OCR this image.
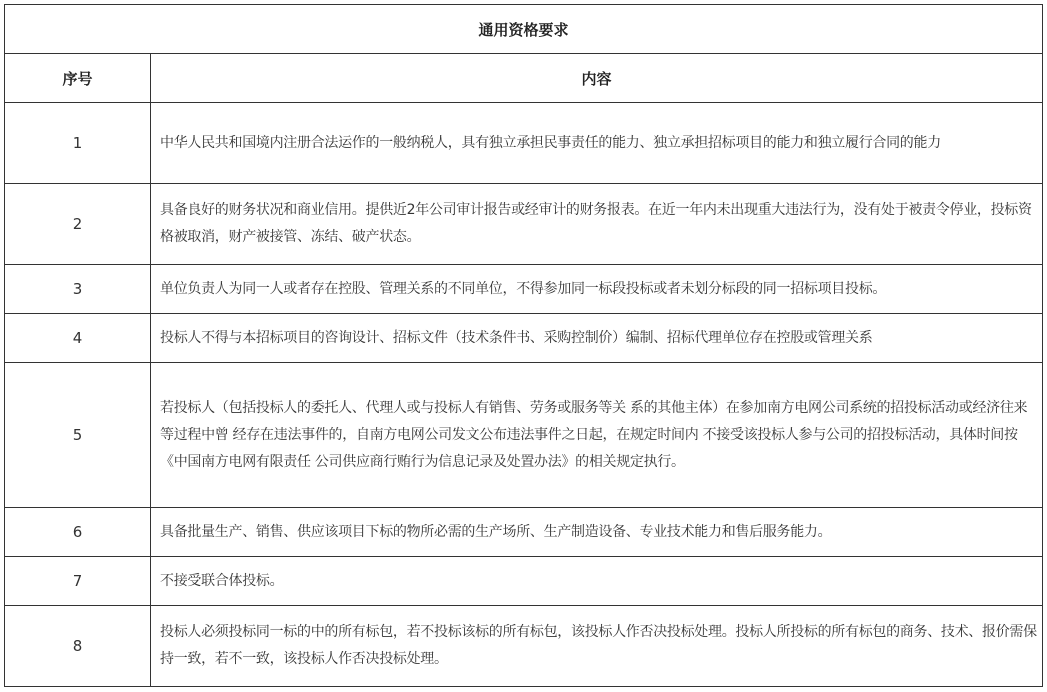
通用资格要求	
序号	内容
1	中华人民共和国境内注册合法运作的一般纳税人，具有独立承担民事责任的能力、独立承担招标项目的能力和独立履行合同的能力
2	具备良好的财务状况和商业信用。提供近2年公司审计报告或经审计的财务报表。在近一年内未出现重大违法行为，没有处于被责令停业，投标资格被取消，财产被接管、冻结、破产状态。
3	单位负责人为同一人或者存在控股、管理关系的不同单位，不得参加同一标段投标或者未划分标段的同一招标项目投标。
4	投标人不得与本招标项目的咨询设计、招标文件（技术条件书、采购控制价）编制、招标代理单位存在控股或管理关系
5	若投标人（包括投标人的委托人、代理人或与投标人有销售、劳务或服务等关 系的其他主体）在参加南方电网公司系统的招投标活动或经济往来等过程中曾 经存在违法事件的，自南方电网公司发文公布违法事件之日起，在规定时间内 不接受该投标人参与公司的招投标活动，具体时间按《中国南方电网有限责任 公司供应商行贿行为信息记录及处置办法》的相关规定执行。
6	具备批量生产、销售、供应该项目下标的物所必需的生产场所、生产制造设备、专业技术能力和售后服务能力。
7	不接受联合体投标。
8	投标人必须投标同一标的中的所有标包，若不投标该标的所有标包，该投标人作否决投标处理。投标人所投标的所有标包的商务、技术、报价需保持一致，若不一致，该投标人作否决投标处理。
